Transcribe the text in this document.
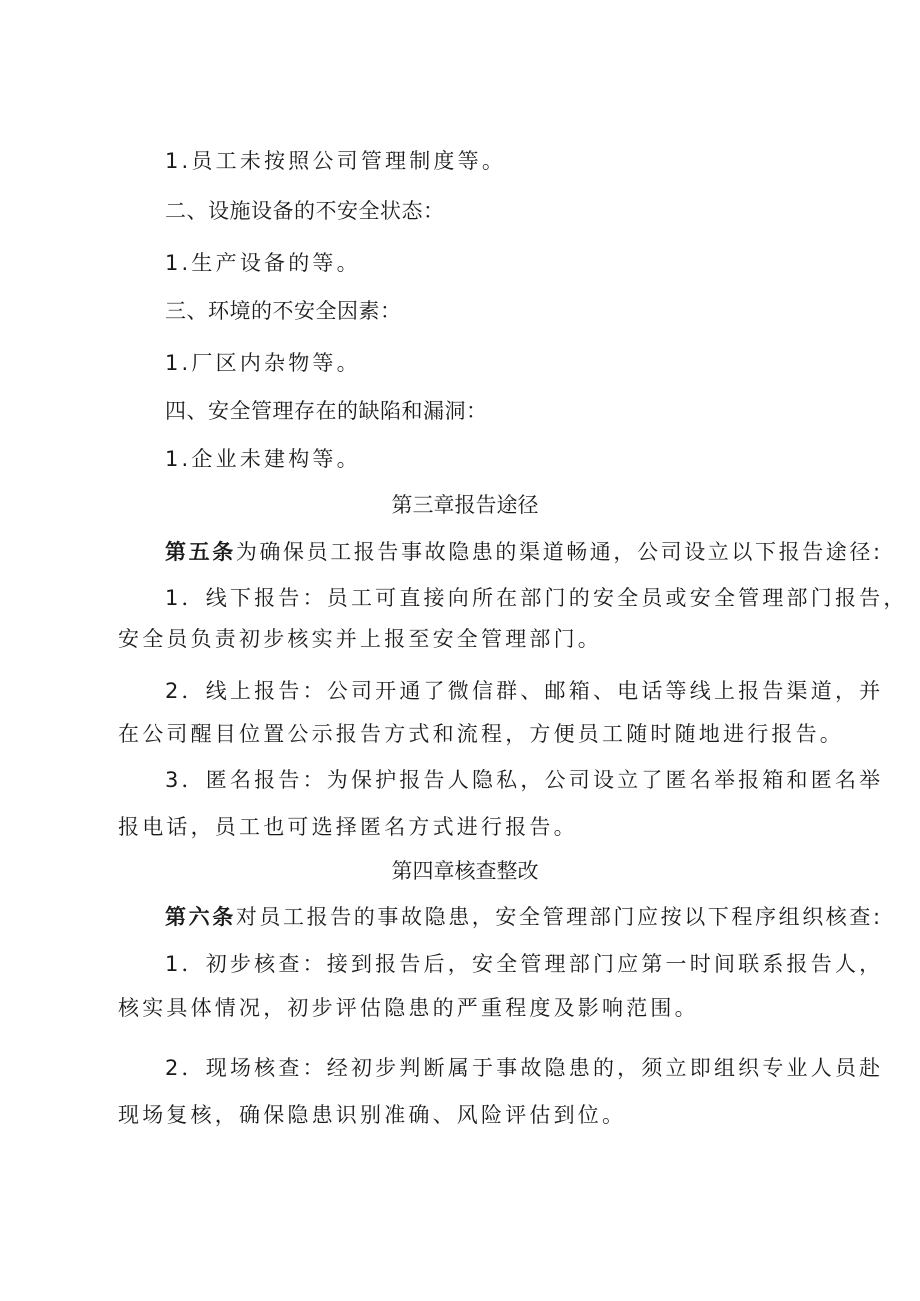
1.员工未按照公司管理制度等。
二、设施设备的不安全状态：
1.生产设备的等。
三、环境的不安全因素：
1.厂区内杂物等。
四、安全管理存在的缺陷和漏洞：
1.企业未建构等。
第三章报告途径
第五条为确保员工报告事故隐患的渠道畅通，公司设立以下报告途径:
1．线下报告：员工可直接向所在部门的安全员或安全管理部门报告，
安全员负责初步核实并上报至安全管理部门。
2．线上报告：公司开通了微信群、邮箱、电话等线上报告渠道，并
在公司醒目位置公示报告方式和流程，方便员工随时随地进行报告。
3．匿名报告：为保护报告人隐私，公司设立了匿名举报箱和匿名举
报电话，员工也可选择匿名方式进行报告。
第四章核查整改
第六条对员工报告的事故隐患，安全管理部门应按以下程序组织核查:
1．初步核查：接到报告后，安全管理部门应第一时间联系报告人，
核实具体情况，初步评估隐患的严重程度及影响范围。
2．现场核查：经初步判断属于事故隐患的，须立即组织专业人员赴
现场复核，确保隐患识别准确、风险评估到位。
